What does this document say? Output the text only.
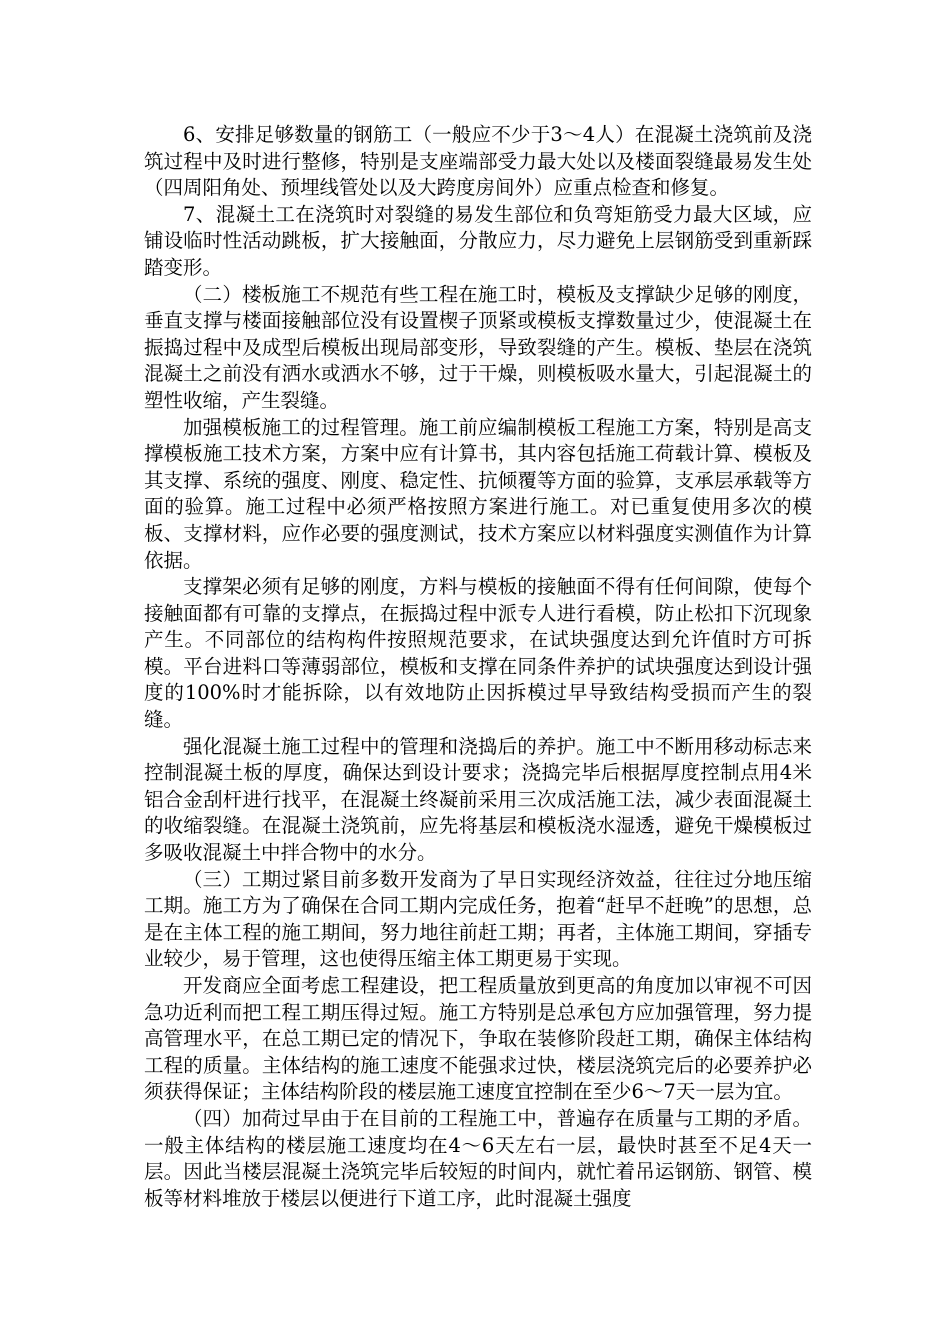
6、安排足够数量的钢筋工（一般应不少于3～4人）在混凝土浇筑前及浇筑过程中及时进行整修，特别是支座端部受力最大处以及楼面裂缝最易发生处（四周阳角处、预埋线管处以及大跨度房间外）应重点检查和修复。

7、混凝土工在浇筑时对裂缝的易发生部位和负弯矩筋受力最大区域，应铺设临时性活动跳板，扩大接触面，分散应力，尽力避免上层钢筋受到重新踩踏变形。

（二）楼板施工不规范有些工程在施工时，模板及支撑缺少足够的刚度，垂直支撑与楼面接触部位没有设置楔子顶紧或模板支撑数量过少，使混凝土在振捣过程中及成型后模板出现局部变形，导致裂缝的产生。模板、垫层在浇筑混凝土之前没有洒水或洒水不够，过于干燥，则模板吸水量大，引起混凝土的塑性收缩，产生裂缝。

加强模板施工的过程管理。施工前应编制模板工程施工方案，特别是高支撑模板施工技术方案，方案中应有计算书，其内容包括施工荷载计算、模板及其支撑、系统的强度、刚度、稳定性、抗倾覆等方面的验算，支承层承载等方面的验算。施工过程中必须严格按照方案进行施工。对已重复使用多次的模板、支撑材料，应作必要的强度测试，技术方案应以材料强度实测值作为计算依据。

支撑架必须有足够的刚度，方料与模板的接触面不得有任何间隙，使每个接触面都有可靠的支撑点，在振捣过程中派专人进行看模，防止松扣下沉现象产生。不同部位的结构构件按照规范要求，在试块强度达到允许值时方可拆模。平台进料口等薄弱部位，模板和支撑在同条件养护的试块强度达到设计强度的100%时才能拆除，以有效地防止因拆模过早导致结构受损而产生的裂缝。

强化混凝土施工过程中的管理和浇捣后的养护。施工中不断用移动标志来控制混凝土板的厚度，确保达到设计要求；浇捣完毕后根据厚度控制点用4米铝合金刮杆进行找平，在混凝土终凝前采用三次成活施工法，减少表面混凝土的收缩裂缝。在混凝土浇筑前，应先将基层和模板浇水湿透，避免干燥模板过多吸收混凝土中拌合物中的水分。

（三）工期过紧目前多数开发商为了早日实现经济效益，往往过分地压缩工期。施工方为了确保在合同工期内完成任务，抱着“赶早不赶晚”的思想，总是在主体工程的施工期间，努力地往前赶工期；再者，主体施工期间，穿插专业较少，易于管理，这也使得压缩主体工期更易于实现。

开发商应全面考虑工程建设，把工程质量放到更高的角度加以审视不可因急功近利而把工程工期压得过短。施工方特别是总承包方应加强管理，努力提高管理水平，在总工期已定的情况下，争取在装修阶段赶工期，确保主体结构工程的质量。主体结构的施工速度不能强求过快，楼层浇筑完后的必要养护必须获得保证；主体结构阶段的楼层施工速度宜控制在至少6～7天一层为宜。

（四）加荷过早由于在目前的工程施工中，普遍存在质量与工期的矛盾。一般主体结构的楼层施工速度均在4～6天左右一层，最快时甚至不足4天一层。因此当楼层混凝土浇筑完毕后较短的时间内，就忙着吊运钢筋、钢管、模板等材料堆放于楼层以便进行下道工序，此时混凝土强度
